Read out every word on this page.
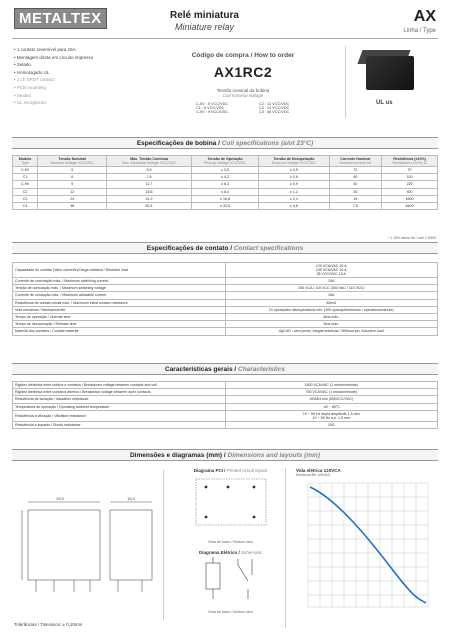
METALTEX	Relé miniatura
Miniature relay
AX
Linha / Type
• 1 contato reversível para 15A
• Montagem direta em circuito impresso
• Selado
• Homologado UL
• 1 ch SPDT contact
• PCB mounting
• Sealed
• UL recognized
Código de compra / How to order
AX1RC2
Tensão nominal da bobina
Coil nominal voltage
C-5V : 5 VCC/VDC	C2 : 12 VCC/VDC
C1 : 6 VCC/VDC	C3 : 24 VCC/VDC
C-9V : 9 VCC/VDC	C4 : 48 VCC/VDC
UL us
Especificações de bobina / Coil specifications (a/ot 23°C)
Modelo
Type	Tensão Nominal
Nominal Voltage VCC/VDC	Máx. Tensão Contínua
Max. Allowable Voltage VCC/VDC	Tensão de Operação
Pick-up Voltage VCC/VDC	Tensão de Desoperação
Drop-out Voltage VCC/VDC	Corrente Nominal
Nominal current mA	Resistência (±10%)
Resistance (±10%) Ω

C-5V	5	6.5	≤ 3,5	≥ 0,5	72	70
C1	6	7.8	≤ 4,2	≥ 0,6	60	100
C-9V	9	11.7	≤ 6,3	≥ 0,9	40	225
C2	12	15.6	≤ 8,4	≥ 1,2	30	400
C3	24	31.2	≤ 16,8	≥ 2,4	15	1600
C4	48	62.4	≤ 33,6	≥ 4,8	7.5	6400
* ± 15% acima de / over 1 600Ω
Especificações de contato / Contact specifications
Capacidade do contato (Valor corrente)/Carga resistiva / Resistive load	120 VCA/VAC 15 A
240 VCA/VAC 10 A
28 VCC/VDC 15 A
Corrente de comutação máx. / Maximum switching current	15A
Tensão de comutação máx. / Maximum switching voltage	250 VCA / 110 VCC (300 VAC / 110 VDC)
Corrente de condução máx. / Maximum allowable current	15A
Resistência de contato inicial máx. / Maximum initial contact resistance	50mΩ
Vida mecânica / Mechanical life	10 operações não/operations min. (300 operações/minuto / operations/minute)
Tempo de operação / Operate time	8ms máx.
Tempo de desoperação / Release time	5ms máx.
Material dos contatos / Contact material	AgCdO - sem ponto, cargas indutivas / Without pin, inductive load
Características gerais / Characteristics
Rigidez dielétrica entre bobina e contatos / Breakdown voltage between contacts and coil	1500 VCA/VAC (1 minuto/minute)
Rigidez dielétrica entre contatos abertos / Breakdown voltage between open contacts	750 VCA/VAC (1 minuto/minute)
Resistência de isolação / Insulation resistance	100MΩ min (500VCC/VDC)
Temperatura de operação / Operating ambient temperature	-40 ~ 85°C
Resistência à vibração / Vibration resistance	10 ~ 55 Hz dupla amplitude 1,5 mm
10 ~ 55 Hz d.p. 1.5 mm
Resistência a impacto / Shock resistance	10G
Dimensões e diagramas (mm) / Dimensions and layouts (mm)
19,0	15,3
Diagrama PCI / Printed circuit layout
Vista de baixo / Bottom view
Diagrama Elétrico / Schematic
Vista de baixo / Bottom view
Vida elétrica 120VCA
Electrical life 120VAC
Tolerâncias / Tolerance: ± 0,10mm
